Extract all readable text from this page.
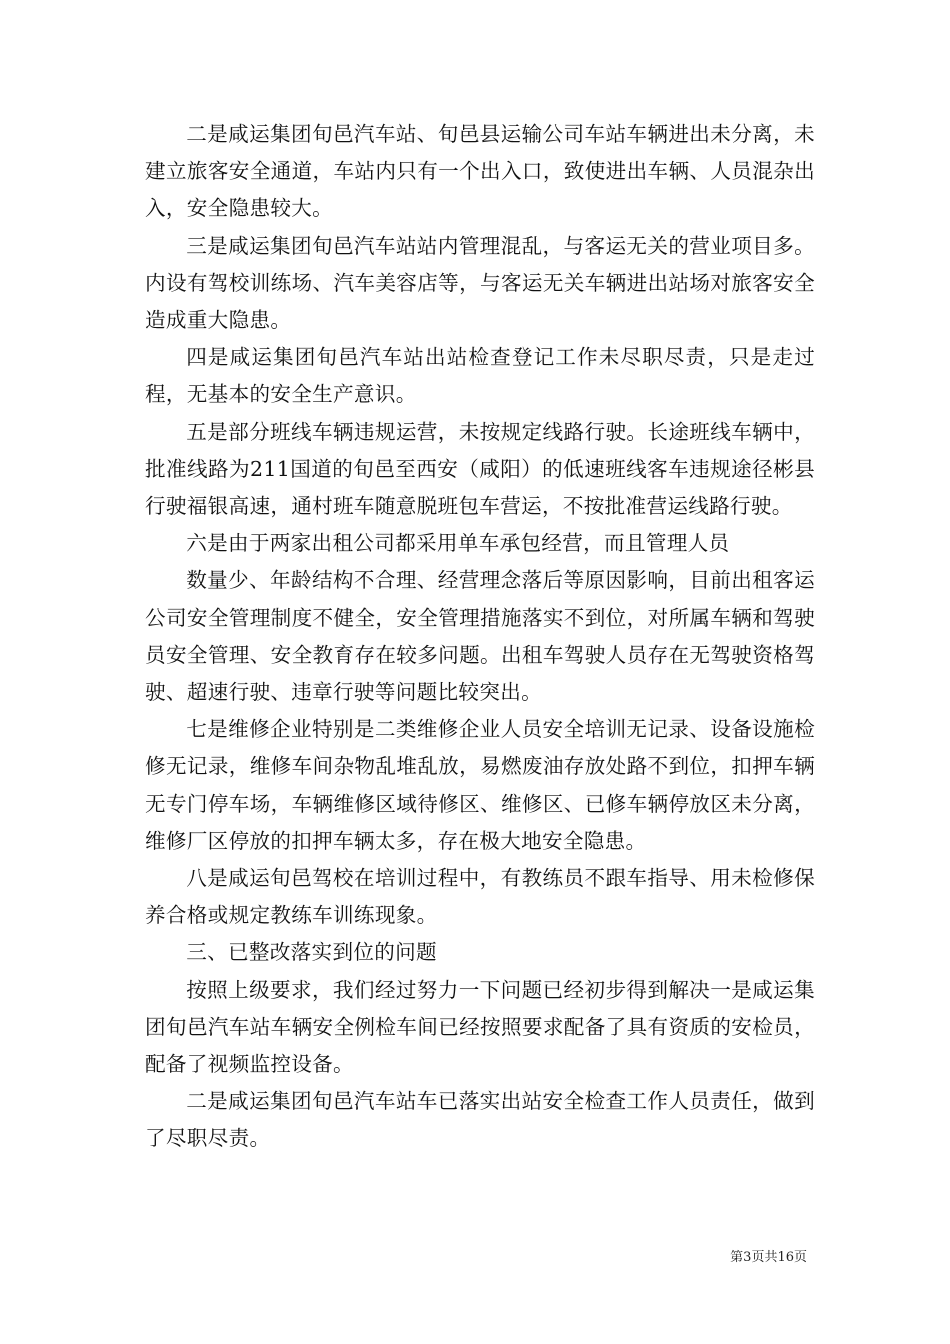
二是咸运集团旬邑汽车站、旬邑县运输公司车站车辆进出未分离，未建立旅客安全通道，车站内只有一个出入口，致使进出车辆、人员混杂出入，安全隐患较大。

三是咸运集团旬邑汽车站站内管理混乱，与客运无关的营业项目多。内设有驾校训练场、汽车美容店等，与客运无关车辆进出站场对旅客安全造成重大隐患。

四是咸运集团旬邑汽车站出站检查登记工作未尽职尽责，只是走过程，无基本的安全生产意识。

五是部分班线车辆违规运营，未按规定线路行驶。长途班线车辆中，批准线路为211国道的旬邑至西安（咸阳）的低速班线客车违规途径彬县行驶福银高速，通村班车随意脱班包车营运，不按批准营运线路行驶。

六是由于两家出租公司都采用单车承包经营，而且管理人员

数量少、年龄结构不合理、经营理念落后等原因影响，目前出租客运公司安全管理制度不健全，安全管理措施落实不到位，对所属车辆和驾驶员安全管理、安全教育存在较多问题。出租车驾驶人员存在无驾驶资格驾驶、超速行驶、违章行驶等问题比较突出。

七是维修企业特别是二类维修企业人员安全培训无记录、设备设施检修无记录，维修车间杂物乱堆乱放，易燃废油存放处路不到位，扣押车辆无专门停车场，车辆维修区域待修区、维修区、已修车辆停放区未分离，维修厂区停放的扣押车辆太多，存在极大地安全隐患。

八是咸运旬邑驾校在培训过程中，有教练员不跟车指导、用未检修保养合格或规定教练车训练现象。

三、已整改落实到位的问题

按照上级要求，我们经过努力一下问题已经初步得到解决一是咸运集团旬邑汽车站车辆安全例检车间已经按照要求配备了具有资质的安检员，配备了视频监控设备。

二是咸运集团旬邑汽车站车已落实出站安全检查工作人员责任，做到了尽职尽责。

第3页共16页
